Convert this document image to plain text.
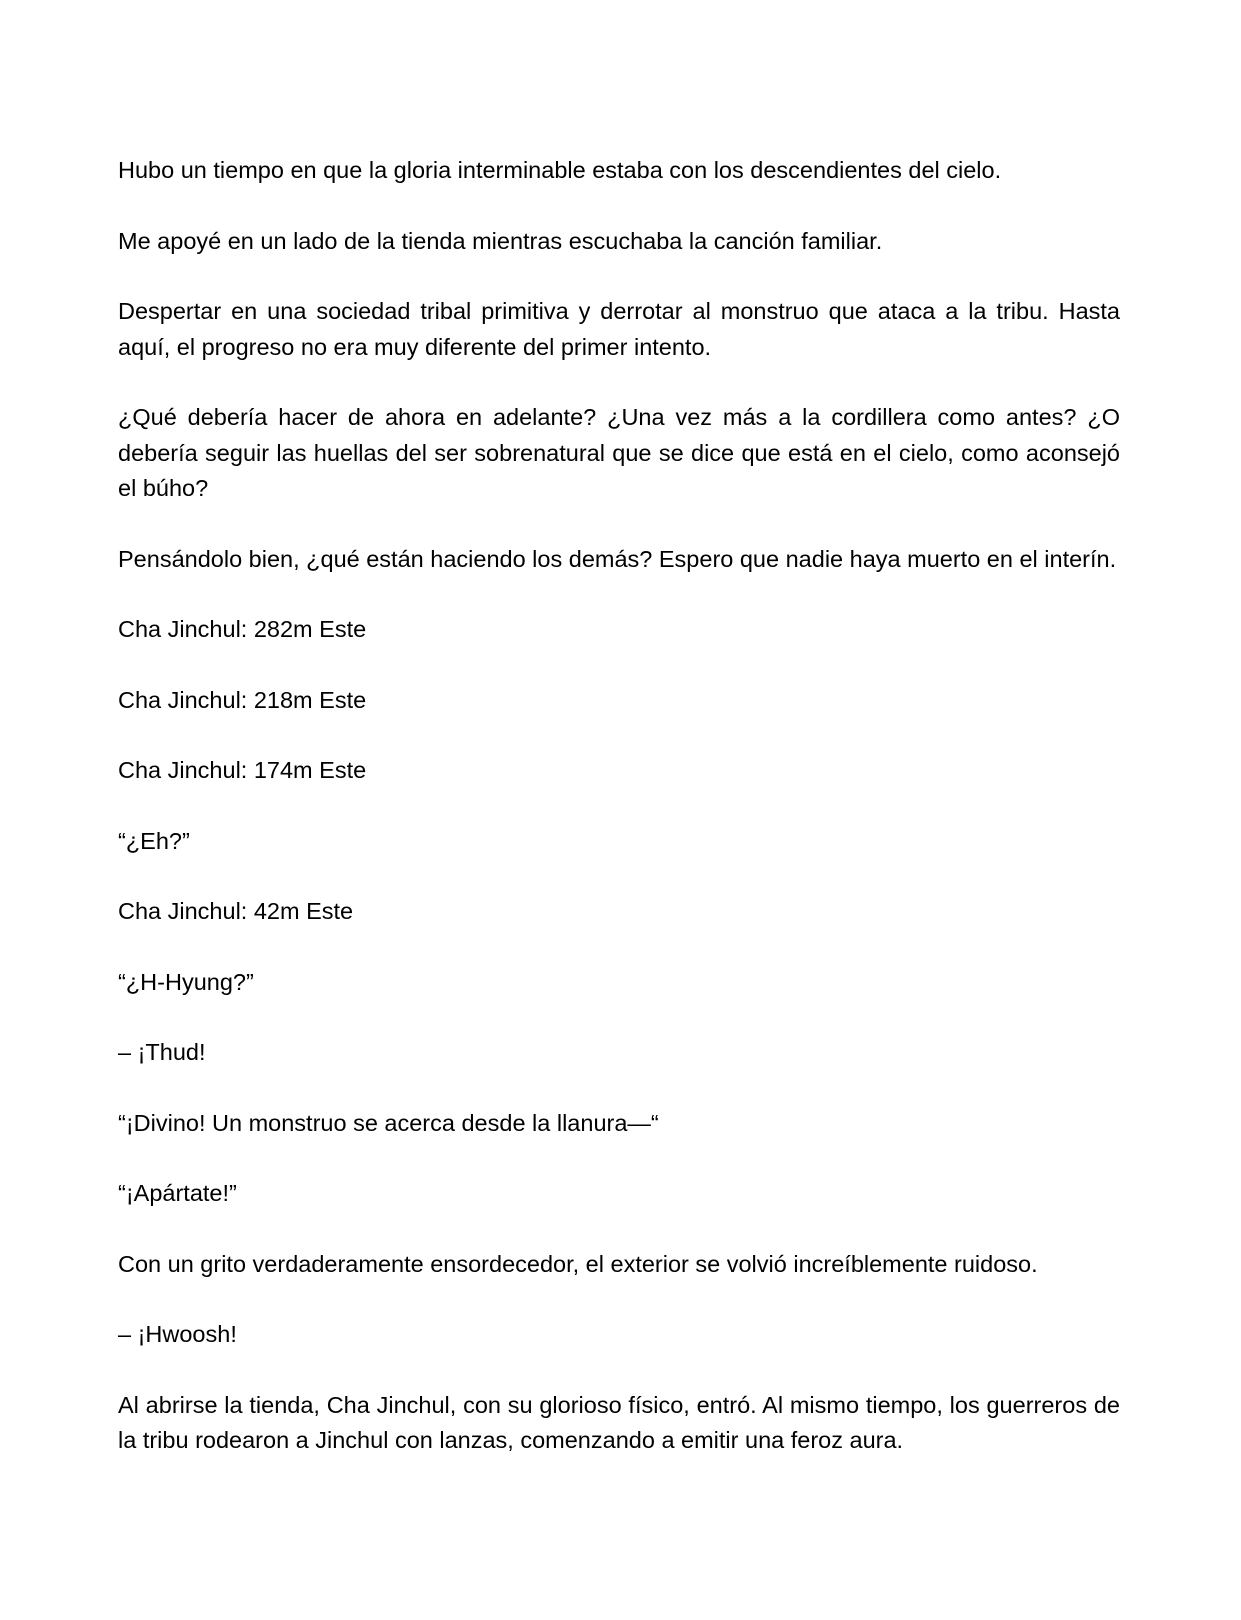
Hubo un tiempo en que la gloria interminable estaba con los descendientes del cielo.

Me apoyé en un lado de la tienda mientras escuchaba la canción familiar.

Despertar en una sociedad tribal primitiva y derrotar al monstruo que ataca a la tribu. Hasta aquí, el progreso no era muy diferente del primer intento.

¿Qué debería hacer de ahora en adelante? ¿Una vez más a la cordillera como antes? ¿O debería seguir las huellas del ser sobrenatural que se dice que está en el cielo, como aconsejó el búho?

Pensándolo bien, ¿qué están haciendo los demás? Espero que nadie haya muerto en el interín.

Cha Jinchul: 282m Este

Cha Jinchul: 218m Este

Cha Jinchul: 174m Este

“¿Eh?”

Cha Jinchul: 42m Este

“¿H-Hyung?”

– ¡Thud!

“¡Divino! Un monstruo se acerca desde la llanura—“

“¡Apártate!”

Con un grito verdaderamente ensordecedor, el exterior se volvió increíblemente ruidoso.

– ¡Hwoosh!

Al abrirse la tienda, Cha Jinchul, con su glorioso físico, entró. Al mismo tiempo, los guerreros de la tribu rodearon a Jinchul con lanzas, comenzando a emitir una feroz aura.
